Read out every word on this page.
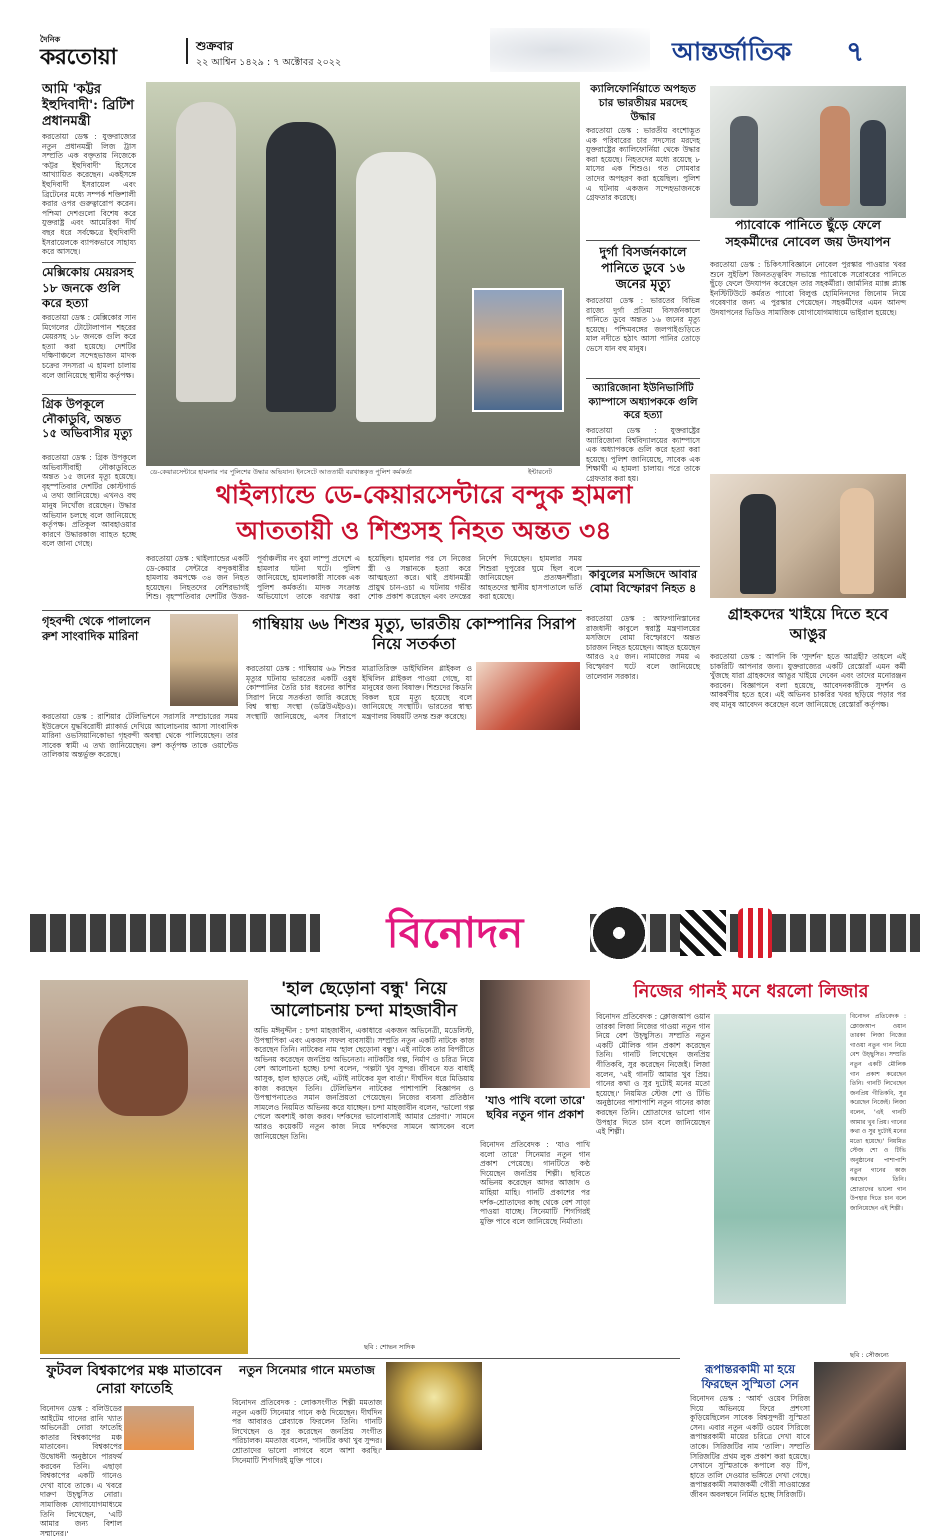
দৈনিক
করতোয়া	শুক্রবার
২২ আশ্বিন ১৪২৯ : ৭ অক্টোবর ২০২২	আন্তর্জাতিক ৭
আমি 'কট্টর ইহুদিবাদী': ব্রিটিশ প্রধানমন্ত্রী
করতোয়া ডেস্ক : যুক্তরাজ্যের নতুন প্রধানমন্ত্রী লিজ ট্রাস সম্প্রতি এক বক্তৃতায় নিজেকে 'কট্টর ইহুদিবাদী' হিসেবে আখ্যায়িত করেছেন। একইসঙ্গে ইহুদিবাদী ইসরায়েল এবং ব্রিটেনের মধ্যে সম্পর্ক শক্তিশালী করার ওপর গুরুত্বারোপ করেন। পশ্চিমা দেশগুলো বিশেষ করে যুক্তরাষ্ট্র এবং আমেরিকা দীর্ঘ বছর ধরে সর্বক্ষেত্রে ইহুদিবাদী ইসরায়েলকে ব্যাপকভাবে সাহায্য করে আসছে।
মেক্সিকোয় মেয়রসহ ১৮ জনকে গুলি করে হত্যা
করতোয়া ডেস্ক : মেক্সিকোর সান মিগেলের টোটোলাপান শহরের মেয়রসহ ১৮ জনকে গুলি করে হত্যা করা হয়েছে। দেশটির দক্ষিণাঞ্চলে সন্দেহভাজন মাদক চক্রের সদস্যরা এ হামলা চালায় বলে জানিয়েছে স্থানীয় কর্তৃপক্ষ।
গ্রিক উপকূলে নৌকাডুবি, অন্তত ১৫ অভিবাসীর মৃত্যু
করতোয়া ডেস্ক : গ্রিক উপকূলে অভিবাসীবাহী নৌকাডুবিতে অন্তত ১৫ জনের মৃত্যু হয়েছে। বৃহস্পতিবার দেশটির কোস্টগার্ড এ তথ্য জানিয়েছে। এখনও বহু মানুষ নিখোঁজ রয়েছেন। উদ্ধার অভিযান চলছে বলে জানিয়েছে কর্তৃপক্ষ। প্রতিকূল আবহাওয়ার কারণে উদ্ধারকাজ ব্যাহত হচ্ছে বলে জানা গেছে।
ডে-কেয়ারসেন্টারে হামলার পর পুলিশের উদ্ধার অভিযান। ইনসেটে আততায়ী বরখাস্তকৃত পুলিশ কর্মকর্তা	ইন্টারনেট
ক্যালিফোর্নিয়াতে অপহৃত চার ভারতীয়র মরদেহ উদ্ধার
করতোয়া ডেস্ক : ভারতীয় বংশোদ্ভূত এক পরিবারের চার সদস্যের মরদেহ যুক্তরাষ্ট্রের ক্যালিফোর্নিয়া থেকে উদ্ধার করা হয়েছে। নিহতদের মধ্যে রয়েছে ৮ মাসের এক শিশুও। গত সোমবার তাদের অপহরণ করা হয়েছিল। পুলিশ এ ঘটনায় একজন সন্দেহভাজনকে গ্রেফতার করেছে।
দুর্গা বিসর্জনকালে পানিতে ডুবে ১৬ জনের মৃত্যু
করতোয়া ডেস্ক : ভারতের বিভিন্ন রাজ্যে দুর্গা প্রতিমা বিসর্জনকালে পানিতে ডুবে অন্তত ১৬ জনের মৃত্যু হয়েছে। পশ্চিমবঙ্গের জলপাইগুড়িতে মাল নদীতে হঠাৎ আসা পানির তোড়ে ভেসে যান বহু মানুষ।
অ্যারিজোনা ইউনিভার্সিটি ক্যাম্পাসে অধ্যাপককে গুলি করে হত্যা
করতোয়া ডেস্ক : যুক্তরাষ্ট্রের অ্যারিজোনা বিশ্ববিদ্যালয়ের ক্যাম্পাসে এক অধ্যাপককে গুলি করে হত্যা করা হয়েছে। পুলিশ জানিয়েছে, সাবেক এক শিক্ষার্থী এ হামলা চালায়। পরে তাকে গ্রেফতার করা হয়।
কাবুলের মসজিদে আবার বোমা বিস্ফোরণ নিহত ৪
করতোয়া ডেস্ক : আফগানিস্তানের রাজধানী কাবুলে স্বরাষ্ট্র মন্ত্রণালয়ের মসজিদে বোমা বিস্ফোরণে অন্তত চারজন নিহত হয়েছেন। আহত হয়েছেন আরও ২৫ জন। নামাজের সময় এ বিস্ফোরণ ঘটে বলে জানিয়েছে তালেবান সরকার।
প্যাবোকে পানিতে ছুঁড়ে ফেলে সহকর্মীদের নোবেল জয় উদযাপন
করতোয়া ডেস্ক : চিকিৎসাবিজ্ঞানে নোবেল পুরস্কার পাওয়ার খবর শুনে সুইডিশ জিনতত্ত্ববিদ সভান্তে প্যাবোকে সরোবরের পানিতে ছুঁড়ে ফেলে উদযাপন করেছেন তার সহকর্মীরা। জার্মানির ম্যাক্স প্ল্যাঙ্ক ইনস্টিটিউটে কর্মরত প্যাবো বিলুপ্ত হোমিনিনদের জিনোম নিয়ে গবেষণার জন্য এ পুরস্কার পেয়েছেন। সহকর্মীদের এমন আনন্দ উদযাপনের ভিডিও সামাজিক যোগাযোগমাধ্যমে ভাইরাল হয়েছে।
গ্রাহকদের খাইয়ে দিতে হবে আঙুর
করতোয়া ডেস্ক : আপনি কি 'সুদর্শন' হতে আগ্রহী? তাহলে এই চাকরিটি আপনার জন্য। যুক্তরাজ্যের একটি রেস্তোরাঁ এমন কর্মী খুঁজছে যারা গ্রাহকদের আঙুর খাইয়ে দেবেন এবং তাদের মনোরঞ্জন করবেন। বিজ্ঞাপনে বলা হয়েছে, আবেদনকারীকে সুদর্শন ও আকর্ষণীয় হতে হবে। এই অভিনব চাকরির খবর ছড়িয়ে পড়ার পর বহু মানুষ আবেদন করেছেন বলে জানিয়েছে রেস্তোরাঁ কর্তৃপক্ষ।
থাইল্যান্ডে ডে-কেয়ারসেন্টারে বন্দুক হামলা
আততায়ী ও শিশুসহ নিহত অন্তত ৩৪
করতোয়া ডেস্ক : থাইল্যান্ডের একটি ডে-কেয়ার সেন্টারে বন্দুকধারীর হামলায় কমপক্ষে ৩৪ জন নিহত হয়েছেন। নিহতদের বেশিরভাগই শিশু। বৃহস্পতিবার দেশটির উত্তর-পূর্বাঞ্চলীয় নং বুয়া লাম্পু প্রদেশে এ হামলার ঘটনা ঘটে। পুলিশ জানিয়েছে, হামলাকারী সাবেক এক পুলিশ কর্মকর্তা। মাদক সংক্রান্ত অভিযোগে তাকে বরখাস্ত করা হয়েছিল। হামলার পর সে নিজের স্ত্রী ও সন্তানকে হত্যা করে আত্মহত্যা করে। থাই প্রধানমন্ত্রী প্রায়ুথ চান-ওচা এ ঘটনায় গভীর শোক প্রকাশ করেছেন এবং তদন্তের নির্দেশ দিয়েছেন। হামলার সময় শিশুরা দুপুরের ঘুমে ছিল বলে জানিয়েছেন প্রত্যক্ষদর্শীরা। আহতদের স্থানীয় হাসপাতালে ভর্তি করা হয়েছে।
গৃহবন্দী থেকে পালালেন রুশ সাংবাদিক মারিনা
করতোয়া ডেস্ক : রাশিয়ার টেলিভিশনে সরাসরি সম্প্রচারের সময় ইউক্রেনে যুদ্ধবিরোধী প্ল্যাকার্ড দেখিয়ে আলোচনায় আসা সাংবাদিক মারিনা ওভসিয়ানিকোভা গৃহবন্দী অবস্থা থেকে পালিয়েছেন। তার সাবেক স্বামী এ তথ্য জানিয়েছেন। রুশ কর্তৃপক্ষ তাকে ওয়ান্টেড তালিকায় অন্তর্ভুক্ত করেছে।
গাম্বিয়ায় ৬৬ শিশুর মৃত্যু, ভারতীয় কোম্পানির সিরাপ নিয়ে সতর্কতা
করতোয়া ডেস্ক : গাম্বিয়ায় ৬৬ শিশুর মৃত্যুর ঘটনায় ভারতের একটি ওষুধ কোম্পানির তৈরি চার ধরনের কাশির সিরাপ নিয়ে সতর্কতা জারি করেছে বিশ্ব স্বাস্থ্য সংস্থা (ডব্লিউএইচও)। সংস্থাটি জানিয়েছে, এসব সিরাপে মাত্রাতিরিক্ত ডাইথিলিন গ্লাইকল ও ইথিলিন গ্লাইকল পাওয়া গেছে, যা মানুষের জন্য বিষাক্ত। শিশুদের কিডনি বিকল হয়ে মৃত্যু হয়েছে বলে জানিয়েছে সংস্থাটি। ভারতের স্বাস্থ্য মন্ত্রণালয় বিষয়টি তদন্ত শুরু করেছে।
বিনোদন
'হাল ছেড়োনা বন্ধু' নিয়ে আলোচনায় চন্দা মাহজাবীন
অভি মঈনুদ্দীন : চন্দা মাহজাবীন, একাধারে একজন অভিনেত্রী, মডেলিস্ট, উপস্থাপিকা এবং একজন সফল ব্যবসায়ী। সম্প্রতি নতুন একটি নাটকে কাজ করেছেন তিনি। নাটকের নাম 'হাল ছেড়োনা বন্ধু'। এই নাটকে তার বিপরীতে অভিনয় করেছেন জনপ্রিয় অভিনেতা। নাটকটির গল্প, নির্মাণ ও চরিত্র নিয়ে বেশ আলোচনা হচ্ছে। চন্দা বলেন, 'গল্পটা খুব সুন্দর। জীবনে যত বাধাই আসুক, হাল ছাড়তে নেই, এটাই নাটকের মূল বার্তা।' দীর্ঘদিন ধরে মিডিয়ায় কাজ করছেন তিনি। টেলিভিশন নাটকের পাশাপাশি বিজ্ঞাপন ও উপস্থাপনাতেও সমান জনপ্রিয়তা পেয়েছেন। নিজের ব্যবসা প্রতিষ্ঠান সামলেও নিয়মিত অভিনয় করে যাচ্ছেন। চন্দা মাহজাবীন বলেন, 'ভালো গল্প পেলে অবশ্যই কাজ করব। দর্শকদের ভালোবাসাই আমার প্রেরণা।' সামনে আরও কয়েকটি নতুন কাজ নিয়ে দর্শকদের সামনে আসবেন বলে জানিয়েছেন তিনি।
ছবি : শোভন সাদিক
'যাও পাখি বলো তারে' ছবির নতুন গান প্রকাশ
বিনোদন প্রতিবেদক : 'যাও পাখি বলো তারে' সিনেমার নতুন গান প্রকাশ পেয়েছে। গানটিতে কণ্ঠ দিয়েছেন জনপ্রিয় শিল্পী। ছবিতে অভিনয় করেছেন আদর আজাদ ও মাহিয়া মাহি। গানটি প্রকাশের পর দর্শক-শ্রোতাদের কাছ থেকে বেশ সাড়া পাওয়া যাচ্ছে। সিনেমাটি শিগগিরই মুক্তি পাবে বলে জানিয়েছে নির্মাতা।
নিজের গানই মনে ধরলো লিজার
বিনোদন প্রতিবেদক : ক্লোজআপ ওয়ান তারকা লিজা নিজের গাওয়া নতুন গান নিয়ে বেশ উচ্ছ্বসিত। সম্প্রতি নতুন একটি মৌলিক গান প্রকাশ করেছেন তিনি। গানটি লিখেছেন জনপ্রিয় গীতিকবি, সুর করেছেন নিজেই। লিজা বলেন, 'এই গানটি আমার খুব প্রিয়। গানের কথা ও সুর দুটোই মনের মতো হয়েছে।' নিয়মিত স্টেজ শো ও টিভি অনুষ্ঠানের পাশাপাশি নতুন গানের কাজ করছেন তিনি। শ্রোতাদের ভালো গান উপহার দিতে চান বলে জানিয়েছেন এই শিল্পী।
বিনোদন প্রতিবেদক : ক্লোজআপ ওয়ান তারকা লিজা নিজের গাওয়া নতুন গান নিয়ে বেশ উচ্ছ্বসিত। সম্প্রতি নতুন একটি মৌলিক গান প্রকাশ করেছেন তিনি। গানটি লিখেছেন জনপ্রিয় গীতিকবি, সুর করেছেন নিজেই। লিজা বলেন, 'এই গানটি আমার খুব প্রিয়। গানের কথা ও সুর দুটোই মনের মতো হয়েছে।' নিয়মিত স্টেজ শো ও টিভি অনুষ্ঠানের পাশাপাশি নতুন গানের কাজ করছেন তিনি। শ্রোতাদের ভালো গান উপহার দিতে চান বলে জানিয়েছেন এই শিল্পী।
ছবি : সৌজন্যে
ফুটবল বিশ্বকাপের মঞ্চ মাতাবেন নোরা ফাতেহি
বিনোদন ডেস্ক : বলিউডের আইটেম গানের রানি খ্যাত অভিনেত্রী নোরা ফাতেহি কাতার বিশ্বকাপের মঞ্চ মাতাবেন। বিশ্বকাপের উদ্বোধনী অনুষ্ঠানে পারফর্ম করবেন তিনি। এছাড়া বিশ্বকাপের একটি গানেও দেখা যাবে তাকে। এ খবরে দারুণ উচ্ছ্বসিত নোরা। সামাজিক যোগাযোগমাধ্যমে তিনি লিখেছেন, 'এটি আমার জন্য বিশাল সম্মানের।'
নতুন সিনেমার গানে মমতাজ
বিনোদন প্রতিবেদক : লোকসংগীত শিল্পী মমতাজ নতুন একটি সিনেমার গানে কণ্ঠ দিয়েছেন। দীর্ঘদিন পর আবারও প্লেব্যাকে ফিরলেন তিনি। গানটি লিখেছেন ও সুর করেছেন জনপ্রিয় সংগীত পরিচালক। মমতাজ বলেন, 'গানটির কথা খুব সুন্দর। শ্রোতাদের ভালো লাগবে বলে আশা করছি।' সিনেমাটি শিগগিরই মুক্তি পাবে।
রূপান্তরকামী মা হয়ে ফিরছেন সুস্মিতা সেন
বিনোদন ডেস্ক : 'আর্য' ওয়েব সিরিজ দিয়ে অভিনয়ে ফিরে প্রশংসা কুড়িয়েছিলেন সাবেক বিশ্বসুন্দরী সুস্মিতা সেন। এবার নতুন একটি ওয়েব সিরিজে রূপান্তরকামী মায়ের চরিত্রে দেখা যাবে তাকে। সিরিজটির নাম 'তালি'। সম্প্রতি সিরিজটির প্রথম লুক প্রকাশ করা হয়েছে। সেখানে সুস্মিতাকে কপালে বড় টিপ, হাতে তালি দেওয়ার ভঙ্গিতে দেখা গেছে। রূপান্তরকামী সমাজকর্মী গৌরী সাওয়ান্তের জীবন অবলম্বনে নির্মিত হচ্ছে সিরিজটি।
